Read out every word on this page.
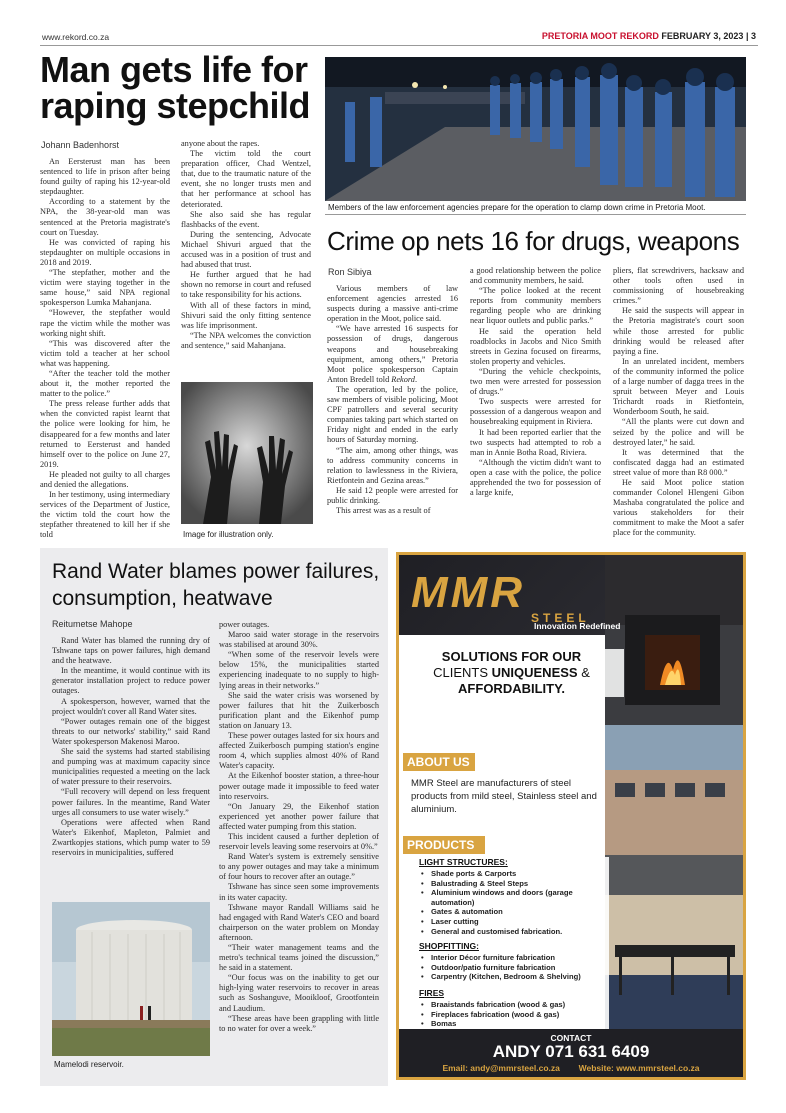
www.rekord.co.za	PRETORIA MOOT REKORD FEBRUARY 3, 2023 | 3
Man gets life for raping stepchild
Johann Badenhorst

An Eersterust man has been sentenced to life in prison after being found guilty of raping his 12-year-old stepdaughter.

According to a statement by the NPA, the 38-year-old man was sentenced at the Pretoria magistrate's court on Tuesday.

He was convicted of raping his stepdaughter on multiple occasions in 2018 and 2019.

“The stepfather, mother and the victim were staying together in the same house,” said NPA regional spokesperson Lumka Mahanjana.

“However, the stepfather would rape the victim while the mother was working night shift.

“This was discovered after the victim told a teacher at her school what was happening.

“After the teacher told the mother about it, the mother reported the matter to the police.”

The press release further adds that when the convicted rapist learnt that the police were looking for him, he disappeared for a few months and later returned to Eersterust and handed himself over to the police on June 27, 2019.

He pleaded not guilty to all charges and denied the allegations.

In her testimony, using intermediary services of the Department of Justice, the victim told the court how the stepfather threatened to kill her if she told

anyone about the rapes.

The victim told the court preparation officer, Chad Wentzel, that, due to the traumatic nature of the event, she no longer trusts men and that her performance at school has deteriorated.

She also said she has regular flashbacks of the event.

During the sentencing, Advocate Michael Shivuri argued that the accused was in a position of trust and had abused that trust.

He further argued that he had shown no remorse in court and refused to take responsibility for his actions.

With all of these factors in mind, Shivuri said the only fitting sentence was life imprisonment.

“The NPA welcomes the conviction and sentence,” said Mahanjana.

Image for illustration only.
Members of the law enforcement agencies prepare for the operation to clamp down crime in Pretoria Moot.
Crime op nets 16 for drugs, weapons
Ron Sibiya

Various members of law enforcement agencies arrested 16 suspects during a massive anti-crime operation in the Moot, police said.

“We have arrested 16 suspects for possession of drugs, dangerous weapons and housebreaking equipment, among others,” Pretoria Moot police spokesperson Captain Anton Bredell told Rekord.

The operation, led by the police, saw members of visible policing, Moot CPF patrollers and several security companies taking part which started on Friday night and ended in the early hours of Saturday morning.

“The aim, among other things, was to address community concerns in relation to lawlessness in the Riviera, Rietfontein and Gezina areas.”

He said 12 people were arrested for public drinking.

This arrest was as a result of

a good relationship between the police and community members, he said.

“The police looked at the recent reports from community members regarding people who are drinking near liquor outlets and public parks.”

He said the operation held roadblocks in Jacobs and Nico Smith streets in Gezina focused on firearms, stolen property and vehicles.

“During the vehicle checkpoints, two men were arrested for possession of drugs.”

Two suspects were arrested for possession of a dangerous weapon and housebreaking equipment in Riviera.

It had been reported earlier that the two suspects had attempted to rob a man in Annie Botha Road, Riviera.

“Although the victim didn't want to open a case with the police, the police apprehended the two for possession of a large knife,

pliers, flat screwdrivers, hacksaw and other tools often used in commissioning of housebreaking crimes.”

He said the suspects will appear in the Pretoria magistrate's court soon while those arrested for public drinking would be released after paying a fine.

In an unrelated incident, members of the community informed the police of a large number of dagga trees in the spruit between Meyer and Louis Trichardt roads in Rietfontein, Wonderboom South, he said.

“All the plants were cut down and seized by the police and will be destroyed later,” he said.

It was determined that the confiscated dagga had an estimated street value of more than R8 000.”

He said Moot police station commander Colonel Hlengeni Gibon Mashaba congratulated the police and various stakeholders for their commitment to make the Moot a safer place for the community.

Rand Water blames power failures, consumption, heatwave
Reitumetse Mahope

Rand Water has blamed the running dry of Tshwane taps on power failures, high demand and the heatwave.

In the meantime, it would continue with its generator installation project to reduce power outages.

A spokesperson, however, warned that the project wouldn't cover all Rand Water sites.

“Power outages remain one of the biggest threats to our networks' stability,” said Rand Water spokesperson Makenosi Maroo.

She said the systems had started stabilising and pumping was at maximum capacity since municipalities requested a meeting on the lack of water pressure to their reservoirs.

“Full recovery will depend on less frequent power failures. In the meantime, Rand Water urges all consumers to use water wisely.”

Operations were affected when Rand Water's Eikenhof, Mapleton, Palmiet and Zwartkopjes stations, which pump water to 59 reservoirs in municipalities, suffered

power outages.

Maroo said water storage in the reservoirs was stabilised at around 30%.

“When some of the reservoir levels were below 15%, the municipalities started experiencing inadequate to no supply to high-lying areas in their networks.”

She said the water crisis was worsened by power failures that hit the Zuikerbosch purification plant and the Eikenhof pump station on January 13.

These power outages lasted for six hours and affected Zuikerbosch pumping station's engine room 4, which supplies almost 40% of Rand Water's capacity.

At the Eikenhof booster station, a three-hour power outage made it impossible to feed water into reservoirs.

“On January 29, the Eikenhof station experienced yet another power failure that affected water pumping from this station.

This incident caused a further depletion of reservoir levels leaving some reservoirs at 0%.”

Rand Water's system is extremely sensitive to any power outages and may take a minimum of four hours to recover after an outage.”

Tshwane has since seen some improvements in its water capacity.

Tshwane mayor Randall Williams said he had engaged with Rand Water's CEO and board chairperson on the water problem on Monday afternoon.

“Their water management teams and the metro's technical teams joined the discussion,” he said in a statement.

“Our focus was on the inability to get our high-lying water reservoirs to recover in areas such as Soshanguve, Mooikloof, Grootfontein and Laudium.

“These areas have been grappling with little to no water for over a week.”

Mamelodi reservoir.
MMR
STEEL
Innovation Redefined
SOLUTIONS FOR OUR
CLIENTS UNIQUENESS &
AFFORDABILITY.
ABOUT US
MMR Steel are manufacturers of steel products from mild steel, Stainless steel and aluminium.
PRODUCTS
LIGHT STRUCTURES:
• Shade ports & Carports
• Balustrading & Steel Steps
• Aluminium windows and doors (garage automation)
• Gates & automation
• Laser cutting
• General and customised fabrication.
SHOPFITTING:
• Interior Décor furniture fabrication
• Outdoor/patio furniture fabrication
• Carpentry (Kitchen, Bedroom & Shelving)
FIRES
• Braaistands fabrication (wood & gas)
• Fireplaces fabrication (wood & gas)
• Bomas
CONTACT
ANDY 071 631 6409
Email: andy@mmrsteel.co.za Website: www.mmrsteel.co.za
